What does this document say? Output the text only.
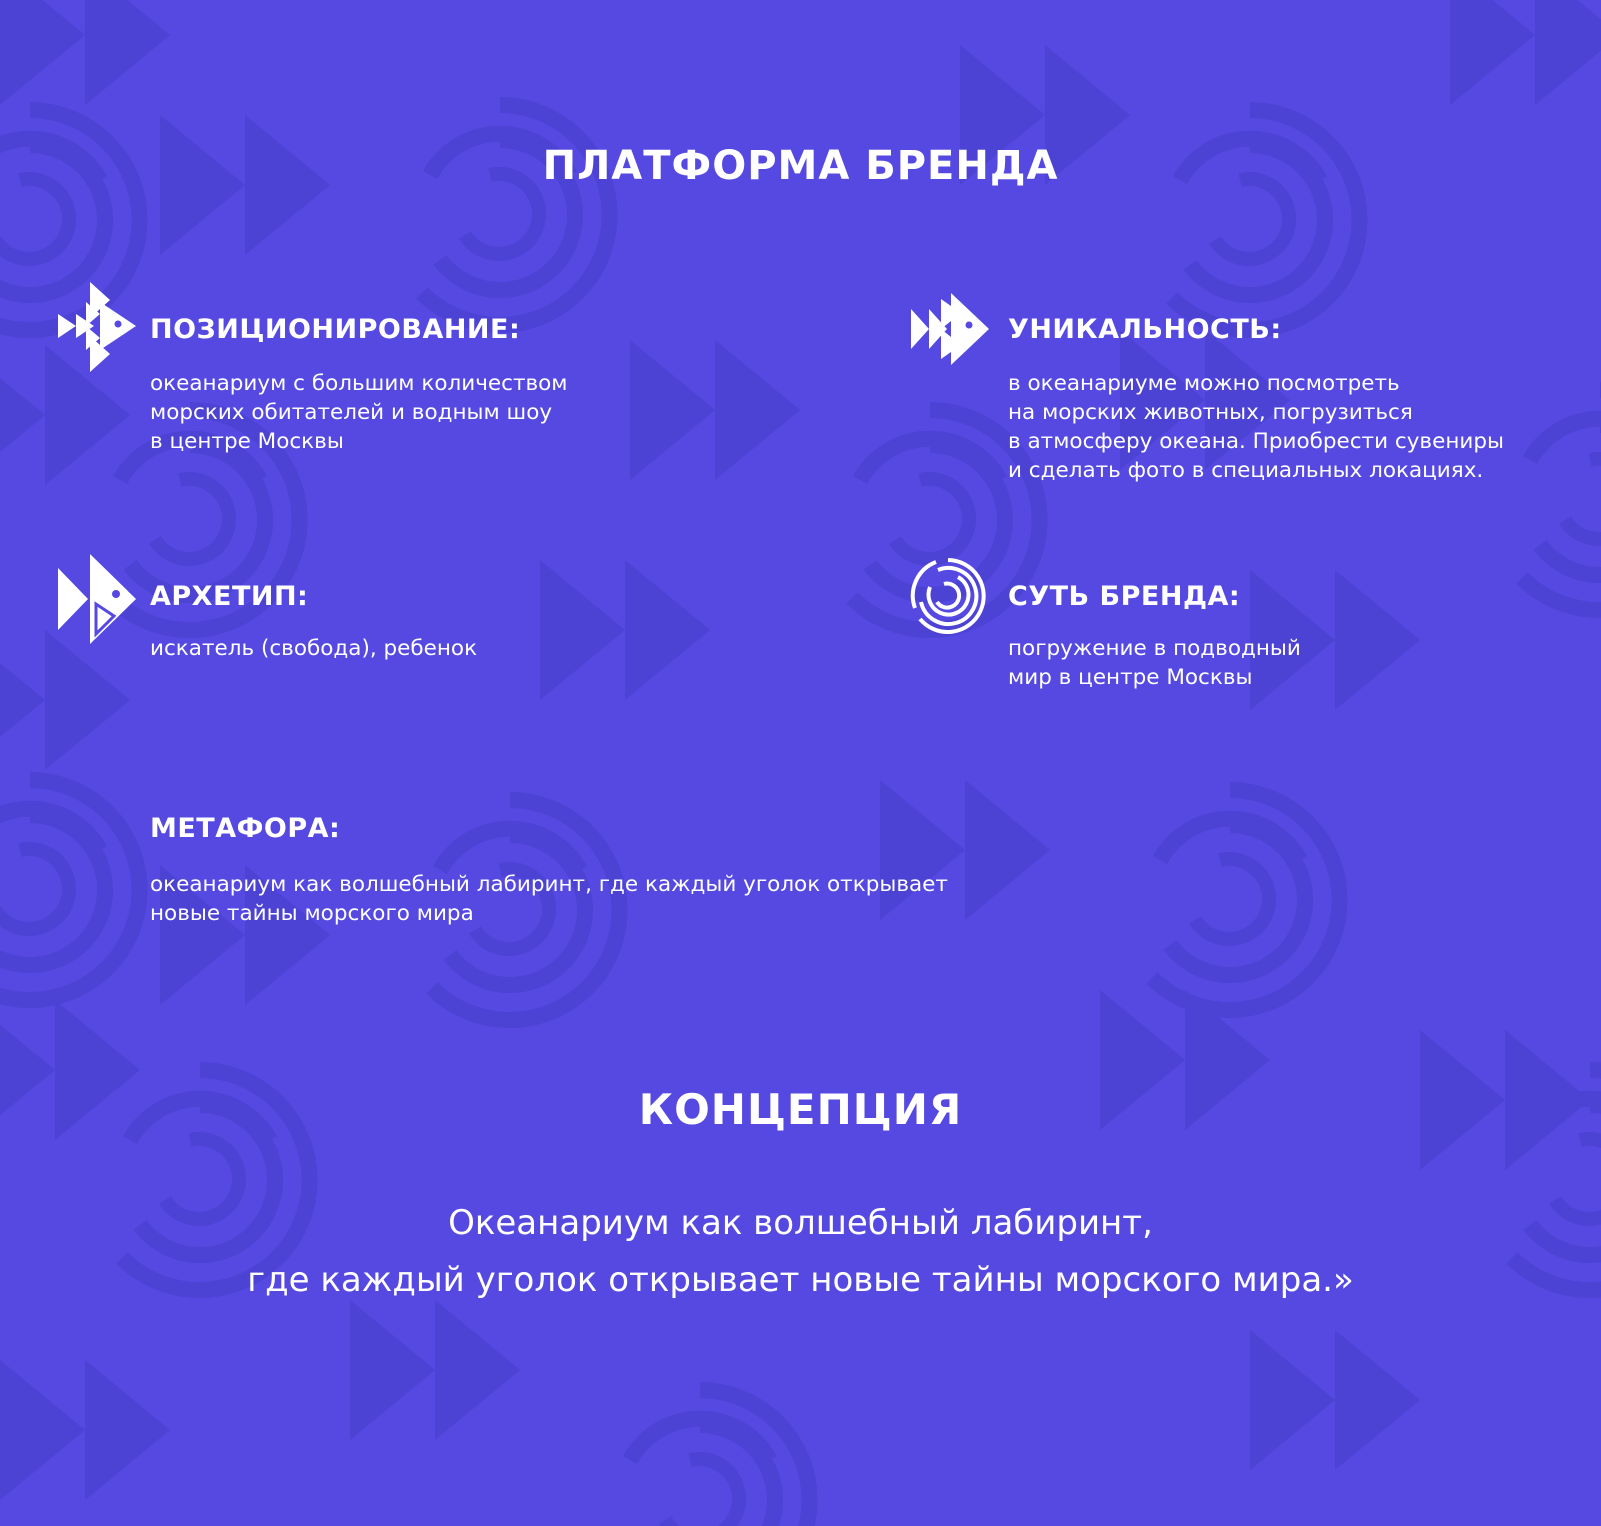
ПЛАТФОРМА БРЕНДА

ПОЗИЦИОНИРОВАНИЕ:

океанариум с большим количеством
морских обитателей и водным шоу
в центре Москвы

УНИКАЛЬНОСТЬ:

в океанариуме можно посмотреть
на морских животных, погрузиться
в атмосферу океана. Приобрести сувениры
и сделать фото в специальных локациях.

АРХЕТИП:

искатель (свобода), ребенок

СУТЬ БРЕНДА:

погружение в подводный
мир в центре Москвы

МЕТАФОРА:

океанариум как волшебный лабиринт, где каждый уголок открывает
новые тайны морского мира
КОНЦЕПЦИЯ
Океанариум как волшебный лабиринт,
где каждый уголок открывает новые тайны морского мира.»
